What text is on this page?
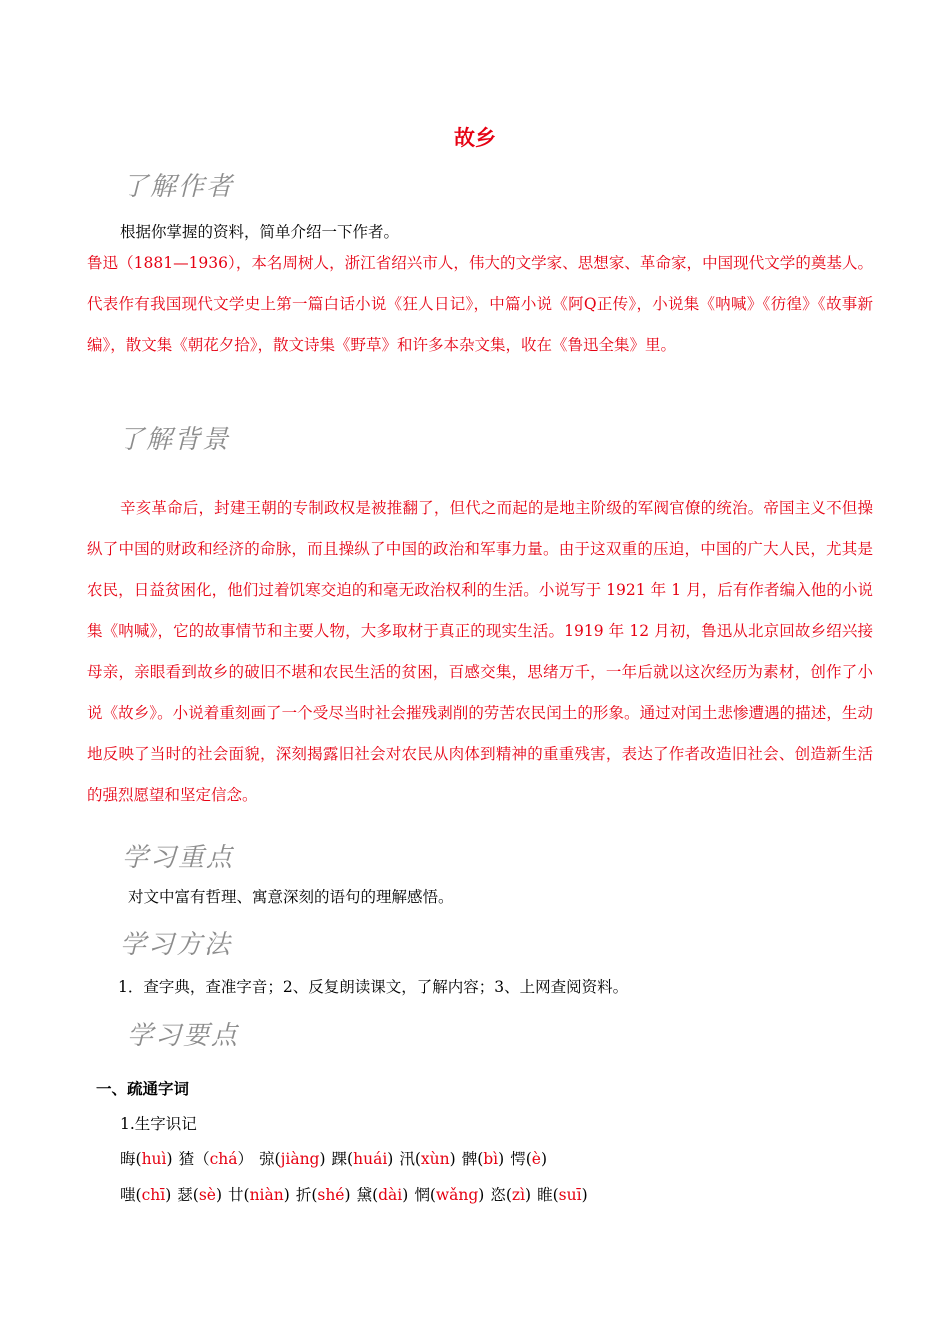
故乡
了解作者
根据你掌握的资料，简单介绍一下作者。
鲁迅（1881—1936），本名周树人，浙江省绍兴市人，伟大的文学家、思想家、革命家，中国现代文学的奠基人。代表作有我国现代文学史上第一篇白话小说《狂人日记》，中篇小说《阿Q正传》，小说集《呐喊》《彷徨》《故事新编》，散文集《朝花夕拾》，散文诗集《野草》和许多本杂文集，收在《鲁迅全集》里。
了解背景
辛亥革命后，封建王朝的专制政权是被推翻了，但代之而起的是地主阶级的军阀官僚的统治。帝国主义不但操纵了中国的财政和经济的命脉，而且操纵了中国的政治和军事力量。由于这双重的压迫，中国的广大人民，尤其是农民，日益贫困化，他们过着饥寒交迫的和毫无政治权利的生活。小说写于 1921 年 1 月，后有作者编入他的小说集《呐喊》，它的故事情节和主要人物，大多取材于真正的现实生活。1919 年 12 月初，鲁迅从北京回故乡绍兴接母亲，亲眼看到故乡的破旧不堪和农民生活的贫困，百感交集，思绪万千，一年后就以这次经历为素材，创作了小说《故乡》。小说着重刻画了一个受尽当时社会摧残剥削的劳苦农民闰土的形象。通过对闰土悲惨遭遇的描述，生动地反映了当时的社会面貌，深刻揭露旧社会对农民从肉体到精神的重重残害，表达了作者改造旧社会、创造新生活的强烈愿望和坚定信念。
学习重点
对文中富有哲理、寓意深刻的语句的理解感悟。
学习方法
1．查字典，查准字音；2、反复朗读课文，了解内容；3、上网查阅资料。
学习要点
一、疏通字词
1.生字识记
晦(huì) 猹（chá） 弶(jiàng) 踝(huái) 汛(xùn) 髀(bì) 愕(è)
嗤(chī) 瑟(sè) 廿(niàn) 折(shé) 黛(dài) 惘(wǎng) 恣(zì) 睢(suī)
